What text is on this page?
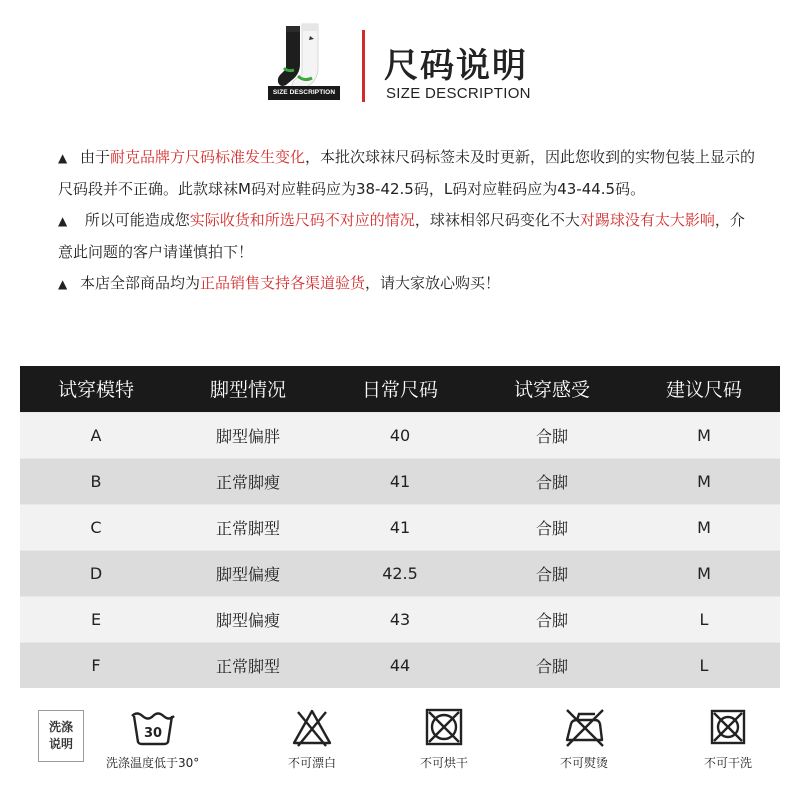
SIZE DESCRIPTION
尺码说明
SIZE DESCRIPTION

▲ 由于耐克品牌方尺码标准发生变化，本批次球袜尺码标签未及时更新，因此您收到的实物包装上显示的尺码段并不正确。此款球袜M码对应鞋码应为38-42.5码，L码对应鞋码应为43-44.5码。

▲ 所以可能造成您实际收货和所选尺码不对应的情况，球袜相邻尺码变化不大对踢球没有太大影响，介意此问题的客户请谨慎拍下！

▲ 本店全部商品均为正品销售支持各渠道验货，请大家放心购买！

试穿模特	脚型情况	日常尺码	试穿感受	建议尺码
A	脚型偏胖	40	合脚	M
B	正常脚瘦	41	合脚	M
C	正常脚型	41	合脚	M
D	脚型偏瘦	42.5	合脚	M
E	脚型偏瘦	43	合脚	L
F	正常脚型	44	合脚	L
洗涤
说明
30
洗涤温度低于30°	不可漂白	不可烘干	不可熨烫	不可干洗
